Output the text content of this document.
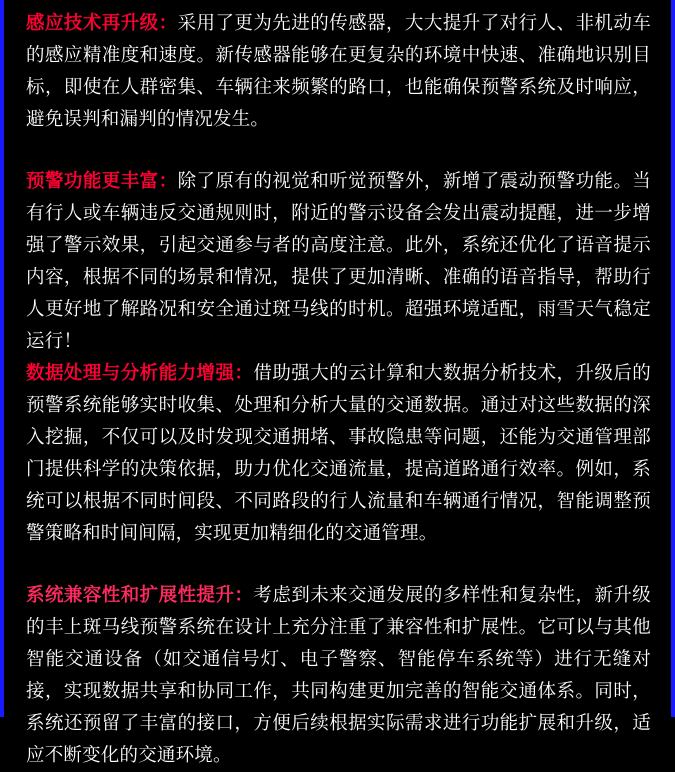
感应技术再升级：采用了更为先进的传感器，大大提升了对行人、非机动车的感应精准度和速度。新传感器能够在更复杂的环境中快速、准确地识别目标，即使在人群密集、车辆往来频繁的路口，也能确保预警系统及时响应，避免误判和漏判的情况发生。

预警功能更丰富：除了原有的视觉和听觉预警外，新增了震动预警功能。当有行人或车辆违反交通规则时，附近的警示设备会发出震动提醒，进一步增强了警示效果，引起交通参与者的高度注意。此外，系统还优化了语音提示内容，根据不同的场景和情况，提供了更加清晰、准确的语音指导，帮助行人更好地了解路况和安全通过斑马线的时机。超强环境适配，雨雪天气稳定运行！

数据处理与分析能力增强：借助强大的云计算和大数据分析技术，升级后的预警系统能够实时收集、处理和分析大量的交通数据。通过对这些数据的深入挖掘，不仅可以及时发现交通拥堵、事故隐患等问题，还能为交通管理部门提供科学的决策依据，助力优化交通流量，提高道路通行效率。例如，系统可以根据不同时间段、不同路段的行人流量和车辆通行情况，智能调整预警策略和时间间隔，实现更加精细化的交通管理。

系统兼容性和扩展性提升：考虑到未来交通发展的多样性和复杂性，新升级的丰上斑马线预警系统在设计上充分注重了兼容性和扩展性。它可以与其他智能交通设备（如交通信号灯、电子警察、智能停车系统等）进行无缝对接，实现数据共享和协同工作，共同构建更加完善的智能交通体系。同时，系统还预留了丰富的接口，方便后续根据实际需求进行功能扩展和升级，适应不断变化的交通环境。
